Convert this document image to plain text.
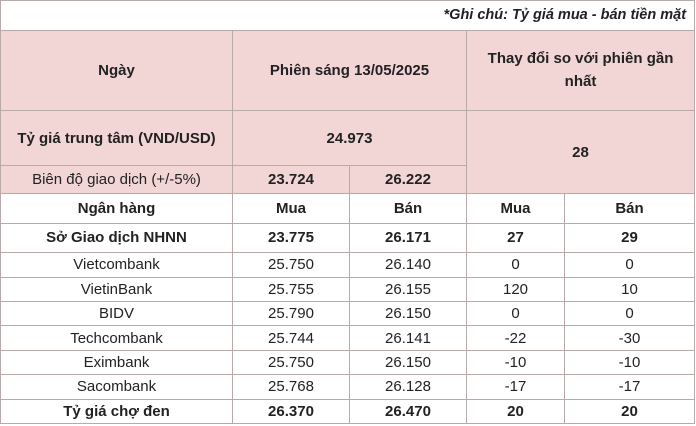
*Ghi chú: Tỷ giá mua - bán tiền mặt				
Ngày	Phiên sáng 13/05/2025		Thay đổi so với phiên gần nhất	
Tỷ giá trung tâm (VND/USD)	24.973		28	
Biên độ giao dịch (+/-5%)	23.724	26.222		
Ngân hàng	Mua	Bán	Mua	Bán
Sở Giao dịch NHNN	23.775	26.171	27	29
Vietcombank	25.750	26.140	0	0
VietinBank	25.755	26.155	120	10
BIDV	25.790	26.150	0	0
Techcombank	25.744	26.141	-22	-30
Eximbank	25.750	26.150	-10	-10
Sacombank	25.768	26.128	-17	-17
Tỷ giá chợ đen	26.370	26.470	20	20
